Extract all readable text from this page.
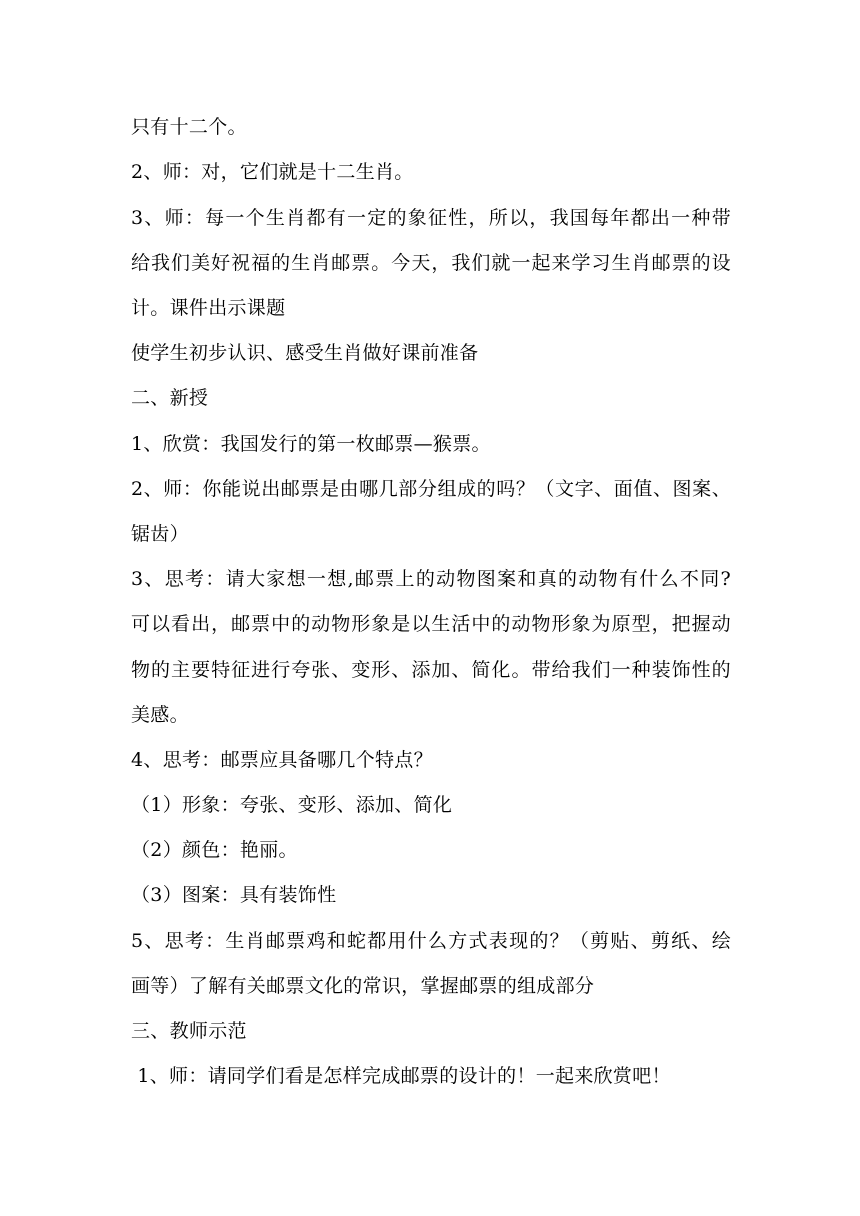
只有十二个。
2、师：对，它们就是十二生肖。
3、师：每一个生肖都有一定的象征性，所以，我国每年都出一种带
给我们美好祝福的生肖邮票。今天，我们就一起来学习生肖邮票的设
计。课件出示课题
使学生初步认识、感受生肖做好课前准备
二、新授
1、欣赏：我国发行的第一枚邮票—猴票。
2、师：你能说出邮票是由哪几部分组成的吗？（文字、面值、图案、
锯齿）
3、思考：请大家想一想,邮票上的动物图案和真的动物有什么不同?
可以看出，邮票中的动物形象是以生活中的动物形象为原型，把握动
物的主要特征进行夸张、变形、添加、简化。带给我们一种装饰性的
美感。
4、思考：邮票应具备哪几个特点？
（1）形象：夸张、变形、添加、简化
（2）颜色：艳丽。
（3）图案：具有装饰性
5、思考：生肖邮票鸡和蛇都用什么方式表现的？（剪贴、剪纸、绘
画等）了解有关邮票文化的常识，掌握邮票的组成部分
三、教师示范
1、师：请同学们看是怎样完成邮票的设计的！一起来欣赏吧！
